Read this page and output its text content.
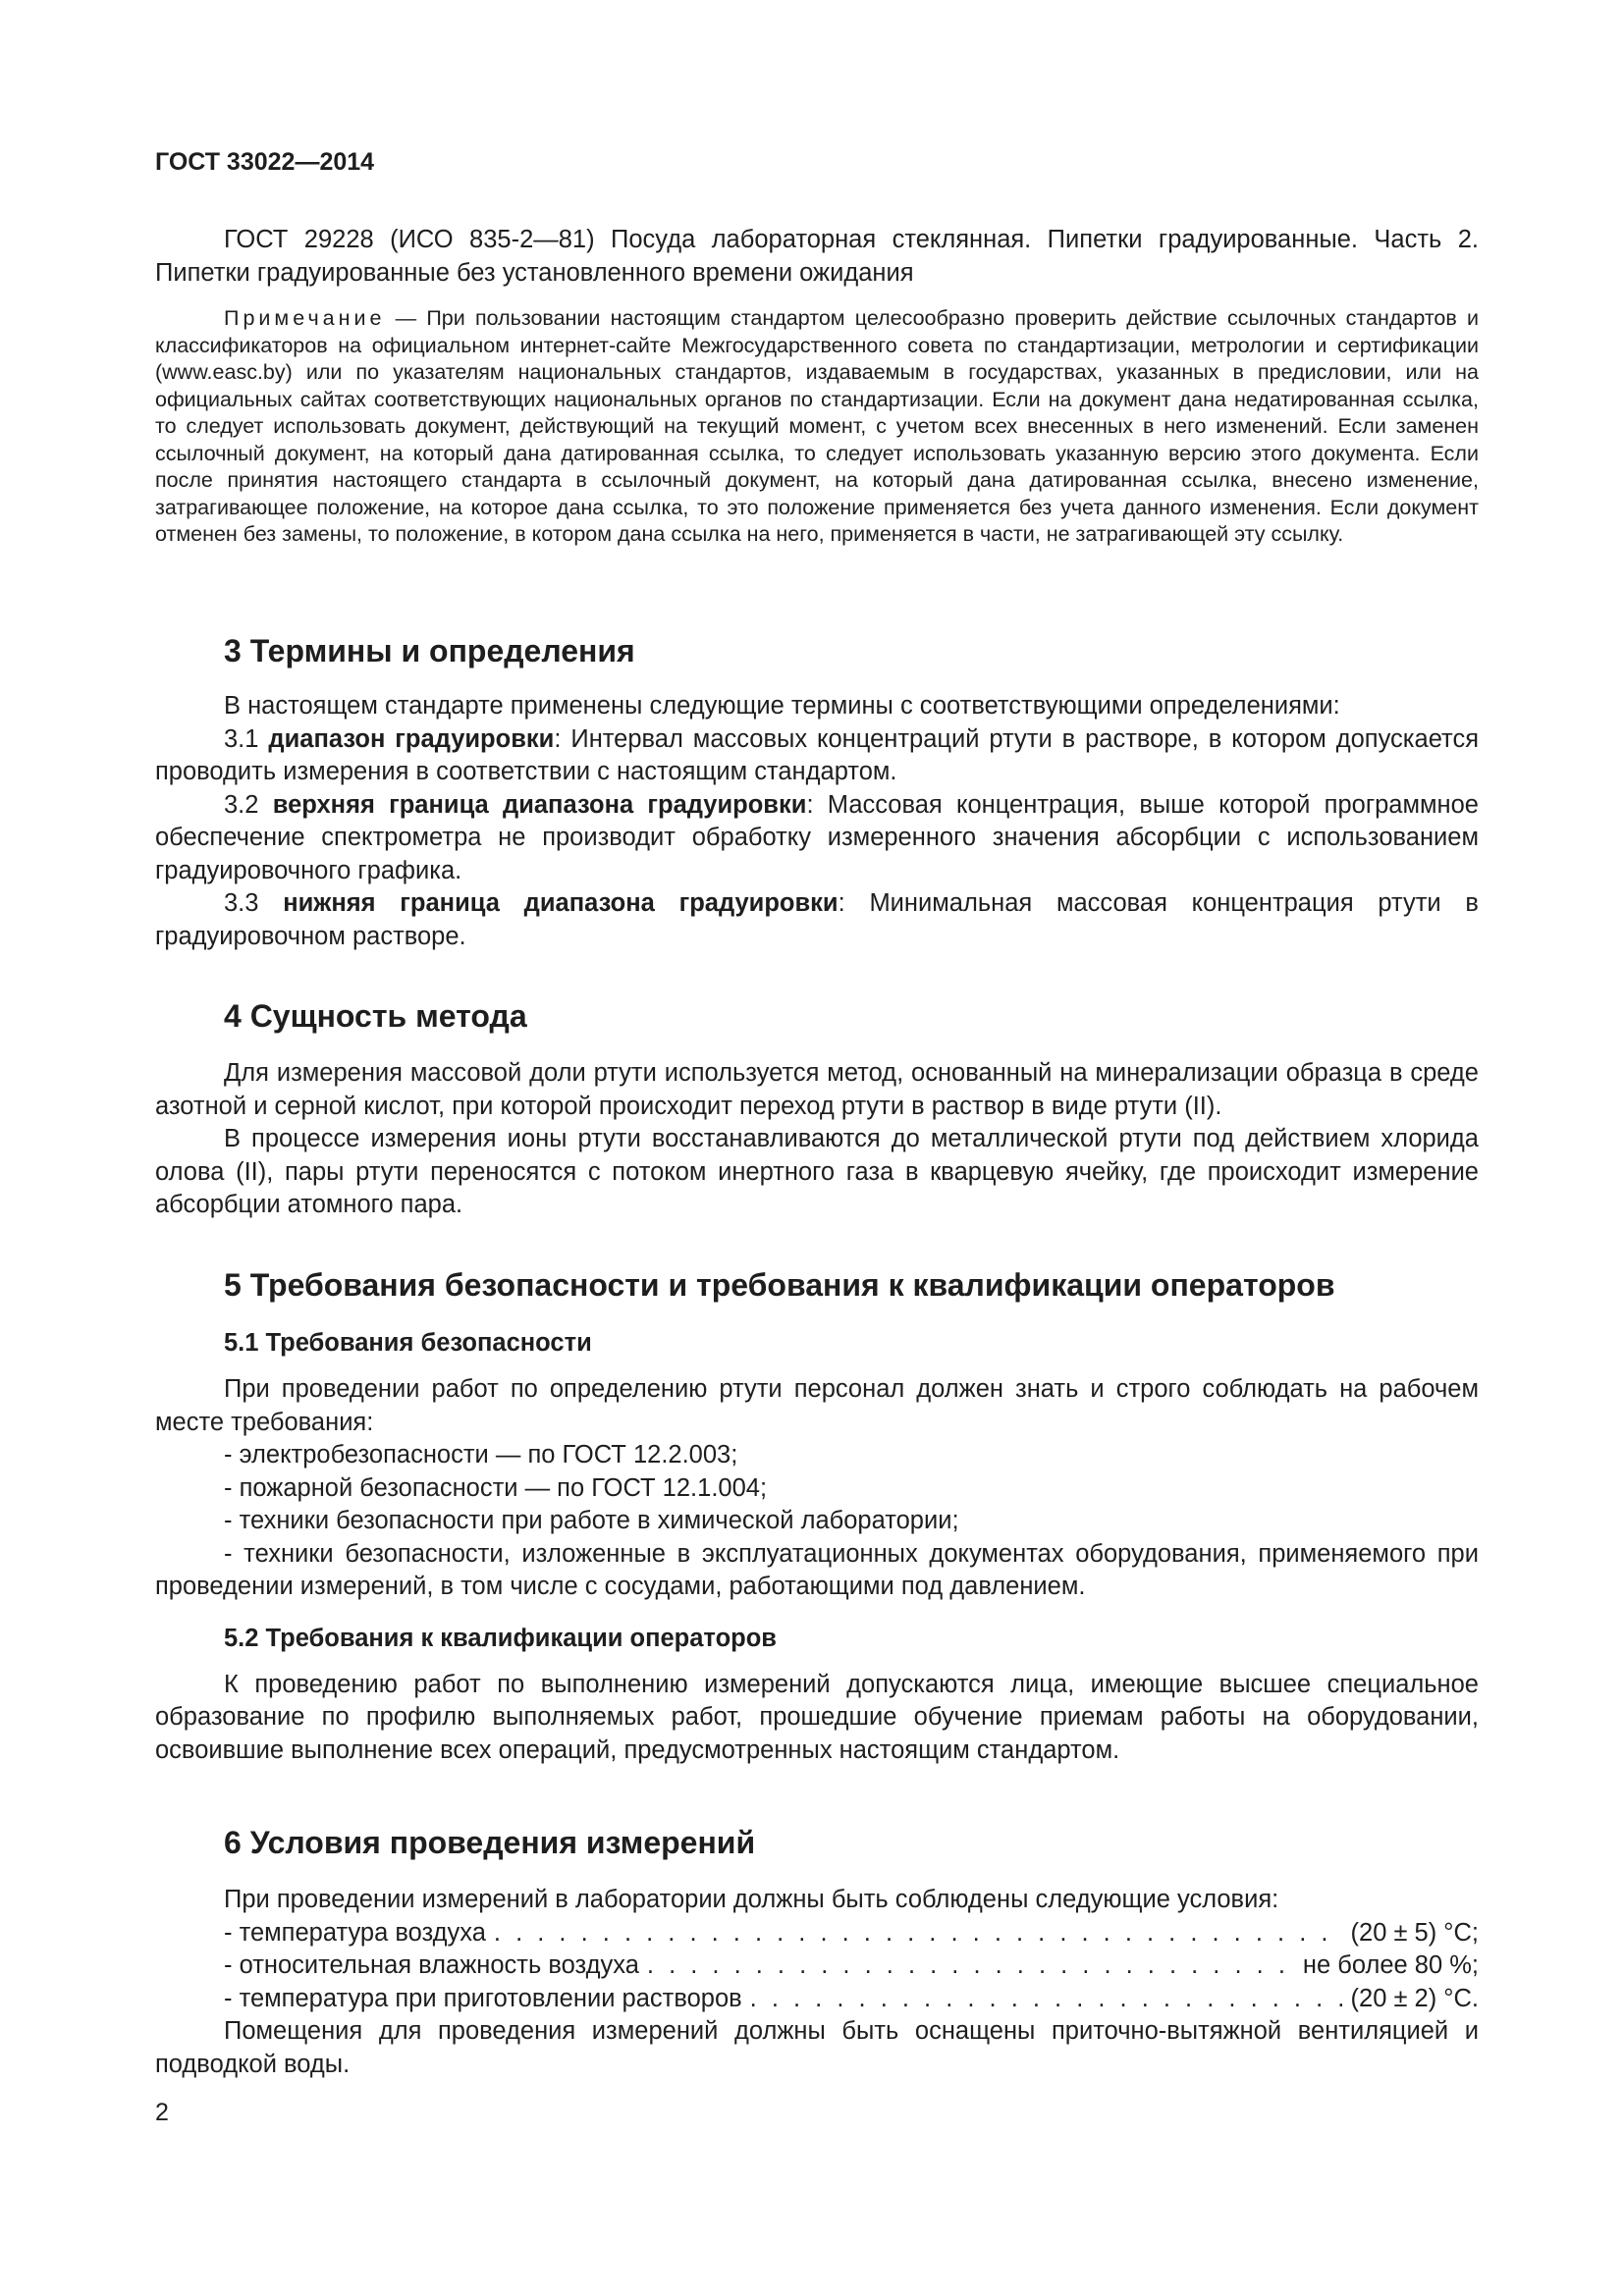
ГОСТ 33022—2014

ГОСТ 29228 (ИСО 835-2—81) Посуда лабораторная стеклянная. Пипетки градуированные. Часть 2. Пипетки градуированные без установленного времени ожидания

Примечание — При пользовании настоящим стандартом целесообразно проверить действие ссылочных стандартов и классификаторов на официальном интернет-сайте Межгосударственного совета по стандартизации, метрологии и сертификации (www.easc.by) или по указателям национальных стандартов, издаваемым в государствах, указанных в предисловии, или на официальных сайтах соответствующих национальных органов по стандартизации. Если на документ дана недатированная ссылка, то следует использовать документ, действующий на текущий момент, с учетом всех внесенных в него изменений. Если заменен ссылочный документ, на который дана датированная ссылка, то следует использовать указанную версию этого документа. Если после принятия настоящего стандарта в ссылочный документ, на который дана датированная ссылка, внесено изменение, затрагивающее положение, на которое дана ссылка, то это положение применяется без учета данного изменения. Если документ отменен без замены, то положение, в котором дана ссылка на него, применяется в части, не затрагивающей эту ссылку.

3 Термины и определения

В настоящем стандарте применены следующие термины с соответствующими определениями:

3.1 диапазон градуировки: Интервал массовых концентраций ртути в растворе, в котором допускается проводить измерения в соответствии с настоящим стандартом.

3.2 верхняя граница диапазона градуировки: Массовая концентрация, выше которой программное обеспечение спектрометра не производит обработку измеренного значения абсорбции с использованием градуировочного графика.

3.3 нижняя граница диапазона градуировки: Минимальная массовая концентрация ртути в градуировочном растворе.

4 Сущность метода

Для измерения массовой доли ртути используется метод, основанный на минерализации образца в среде азотной и серной кислот, при которой происходит переход ртути в раствор в виде ртути (II).

В процессе измерения ионы ртути восстанавливаются до металлической ртути под действием хлорида олова (II), пары ртути переносятся с потоком инертного газа в кварцевую ячейку, где происходит измерение абсорбции атомного пара.

5 Требования безопасности и требования к квалификации операторов
5.1 Требования безопасности

При проведении работ по определению ртути персонал должен знать и строго соблюдать на рабочем месте требования:

- электробезопасности — по ГОСТ 12.2.003;

- пожарной безопасности — по ГОСТ 12.1.004;

- техники безопасности при работе в химической лаборатории;

- техники безопасности, изложенные в эксплуатационных документах оборудования, применяемого при проведении измерений, в том числе с сосудами, работающими под давлением.

5.2 Требования к квалификации операторов

К проведению работ по выполнению измерений допускаются лица, имеющие высшее специальное образование по профилю выполняемых работ, прошедшие обучение приемам работы на оборудовании, освоившие выполнение всех операций, предусмотренных настоящим стандартом.

6 Условия проведения измерений

При проведении измерений в лаборатории должны быть соблюдены следующие условия:

- температура воздуха . . .	(20 ± 5) °C;
- относительная влажность воздуха . . .	не более 80 %;
- температура при приготовлении растворов . . .	(20 ± 2) °C.

Помещения для проведения измерений должны быть оснащены приточно-вытяжной вентиляцией и подводкой воды.

2
